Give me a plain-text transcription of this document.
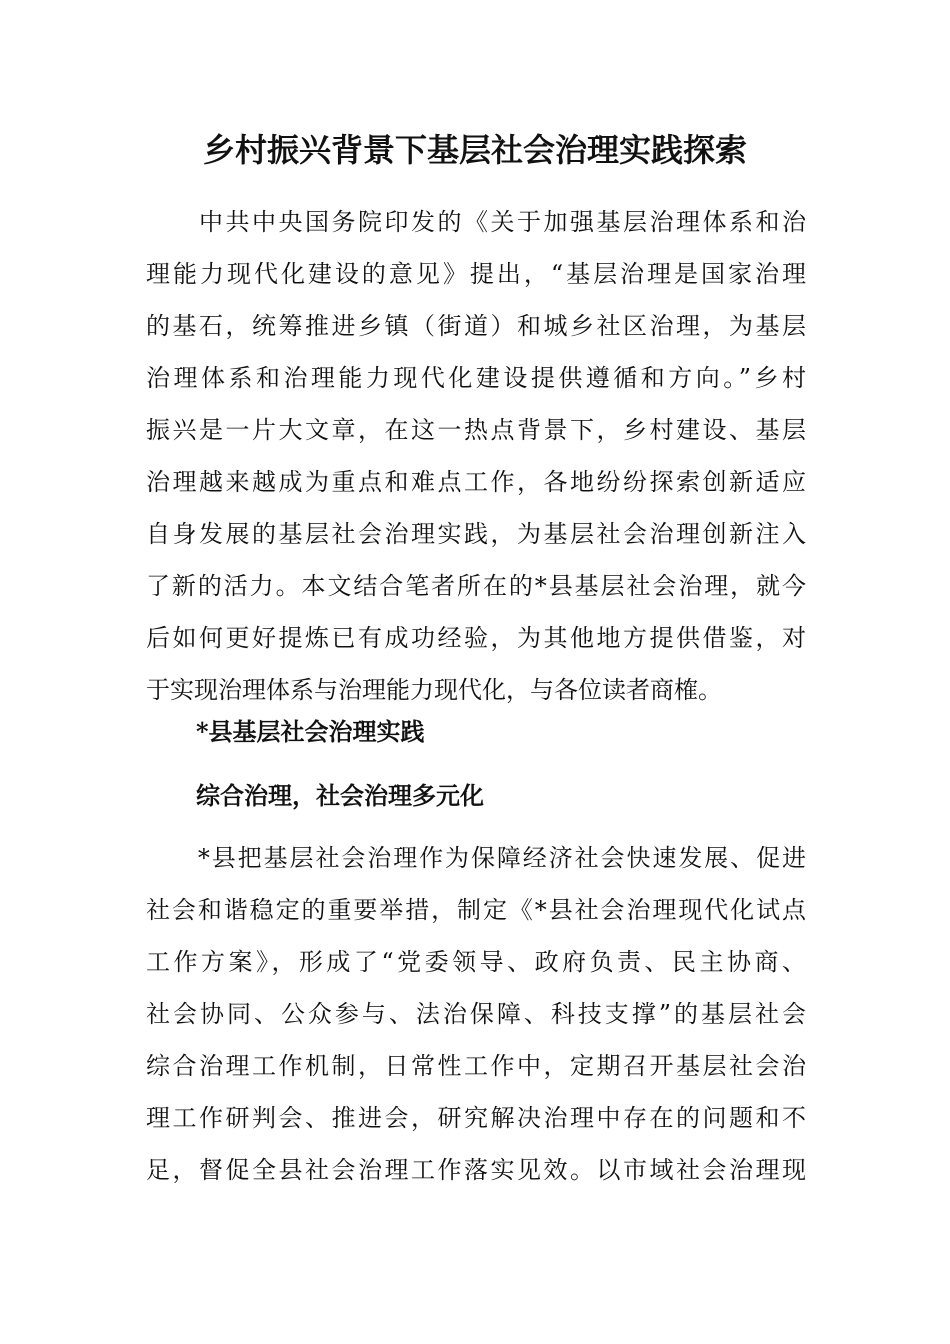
乡村振兴背景下基层社会治理实践探索
　　中共中央国务院印发的《关于加强基层治理体系和治
理能力现代化建设的意见》提出，“基层治理是国家治理
的基石，统筹推进乡镇（街道）和城乡社区治理，为基层
治理体系和治理能力现代化建设提供遵循和方向。”乡村
振兴是一片大文章，在这一热点背景下，乡村建设、基层
治理越来越成为重点和难点工作，各地纷纷探索创新适应
自身发展的基层社会治理实践，为基层社会治理创新注入
了新的活力。本文结合笔者所在的*县基层社会治理，就今
后如何更好提炼已有成功经验，为其他地方提供借鉴，对
于实现治理体系与治理能力现代化，与各位读者商榷。
*县基层社会治理实践
综合治理，社会治理多元化
　　*县把基层社会治理作为保障经济社会快速发展、促进
社会和谐稳定的重要举措，制定《*县社会治理现代化试点
工作方案》，形成了“党委领导、政府负责、民主协商、
社会协同、公众参与、法治保障、科技支撑”的基层社会
综合治理工作机制，日常性工作中，定期召开基层社会治
理工作研判会、推进会，研究解决治理中存在的问题和不
足，督促全县社会治理工作落实见效。以市域社会治理现
